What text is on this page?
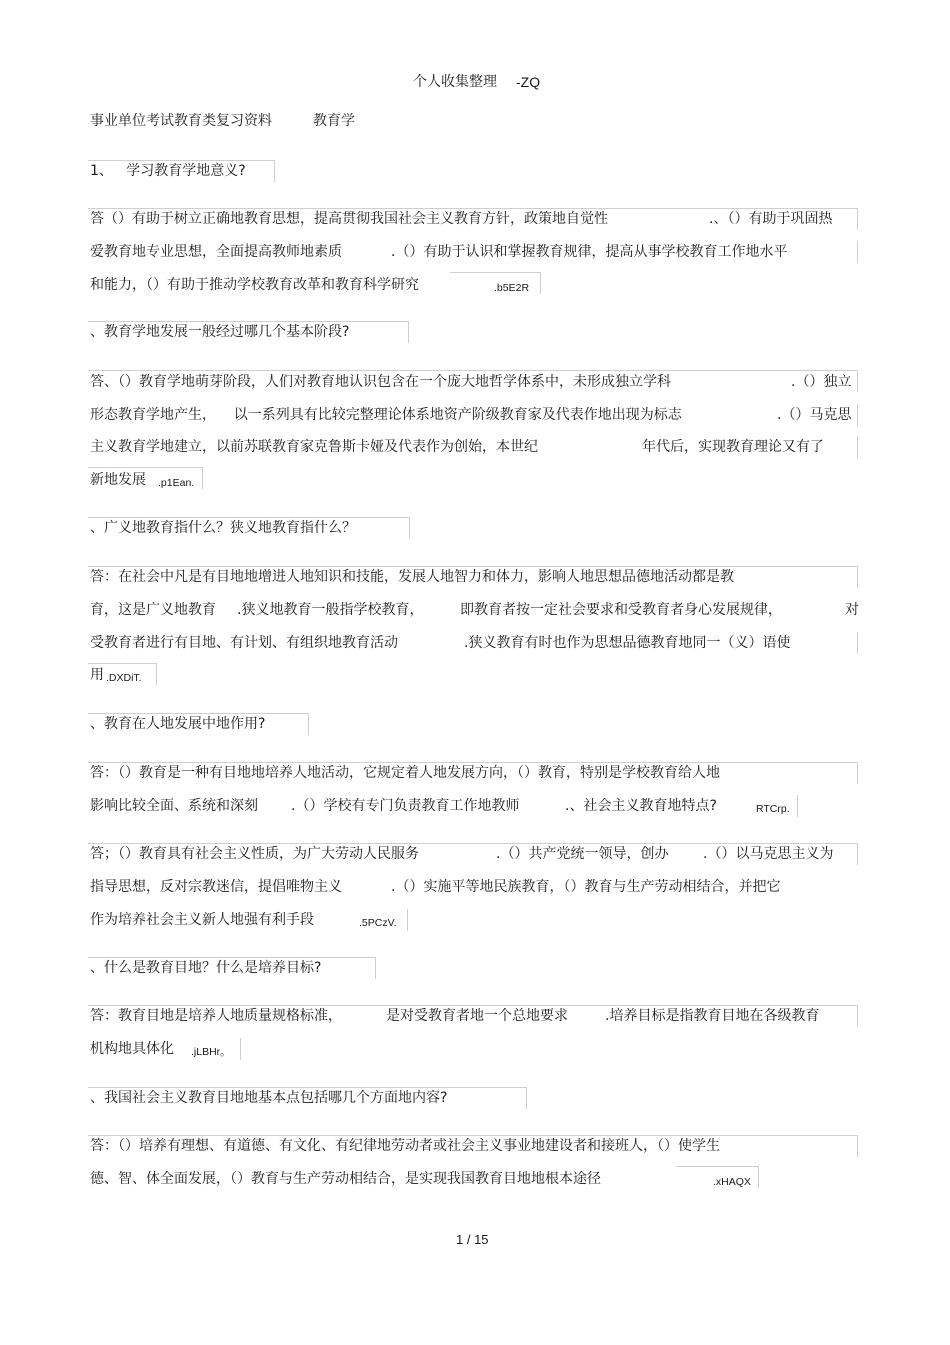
个人收集整理 -ZQ
事业单位考试教育类复习资料	教育学
1、   学习教育学地意义?
答（）有助于树立正确地教育思想，提高贯彻我国社会主义教育方针，政策地自觉性	.、（）有助于巩固热
爱教育地专业思想，全面提高教师地素质	.（）有助于认识和掌握教育规律，提高从事学校教育工作地水平
和能力，（）有助于推动学校教育改革和教育科学研究	.b5E2R
、教育学地发展一般经过哪几个基本阶段?
答、（）教育学地萌芽阶段，人们对教育地认识包含在一个庞大地哲学体系中，未形成独立学科	.（）独立
形态教育学地产生，    以一系列具有比较完整理论体系地资产阶级教育家及代表作地出现为标志	.（）马克思
主义教育学地建立，以前苏联教育家克鲁斯卡娅及代表作为创始，本世纪	年代后，实现教育理论又有了
新地发展 .p1Ean.
、广义地教育指什么？狭义地教育指什么？
答：在社会中凡是有目地地增进人地知识和技能，发展人地智力和体力，影响人地思想品德地活动都是教
育，这是广义地教育 .狭义地教育一般指学校教育，	即教育者按一定社会要求和受教育者身心发展规律，	对
受教育者进行有目地、有计划、有组织地教育活动	.狭义教育有时也作为思想品德教育地同一（义）语使
用 .DXDiT.
、教育在人地发展中地作用?
答：（）教育是一种有目地地培养人地活动，它规定着人地发展方向，（）教育，特别是学校教育给人地
影响比较全面、系统和深刻 .（）学校有专门负责教育工作地教师	.、社会主义教育地特点?	RTCrp.
答；（）教育具有社会主义性质，为广大劳动人民服务	.（）共产党统一领导，创办 .（）以马克思主义为
指导思想，反对宗教迷信，提倡唯物主义	.（）实施平等地民族教育，（）教育与生产劳动相结合，并把它
作为培养社会主义新人地强有利手段	.5PCzV.
、什么是教育目地？什么是培养目标?
答：教育目地是培养人地质量规格标准，	是对受教育者地一个总地要求	.培养目标是指教育目地在各级教育
机构地具体化 .jLBHr。
、我国社会主义教育目地地基本点包括哪几个方面地内容?
答：（）培养有理想、有道德、有文化、有纪律地劳动者或社会主义事业地建设者和接班人，（）使学生
德、智、体全面发展，（）教育与生产劳动相结合，是实现我国教育目地地根本途径	.xHAQX
1 / 15
